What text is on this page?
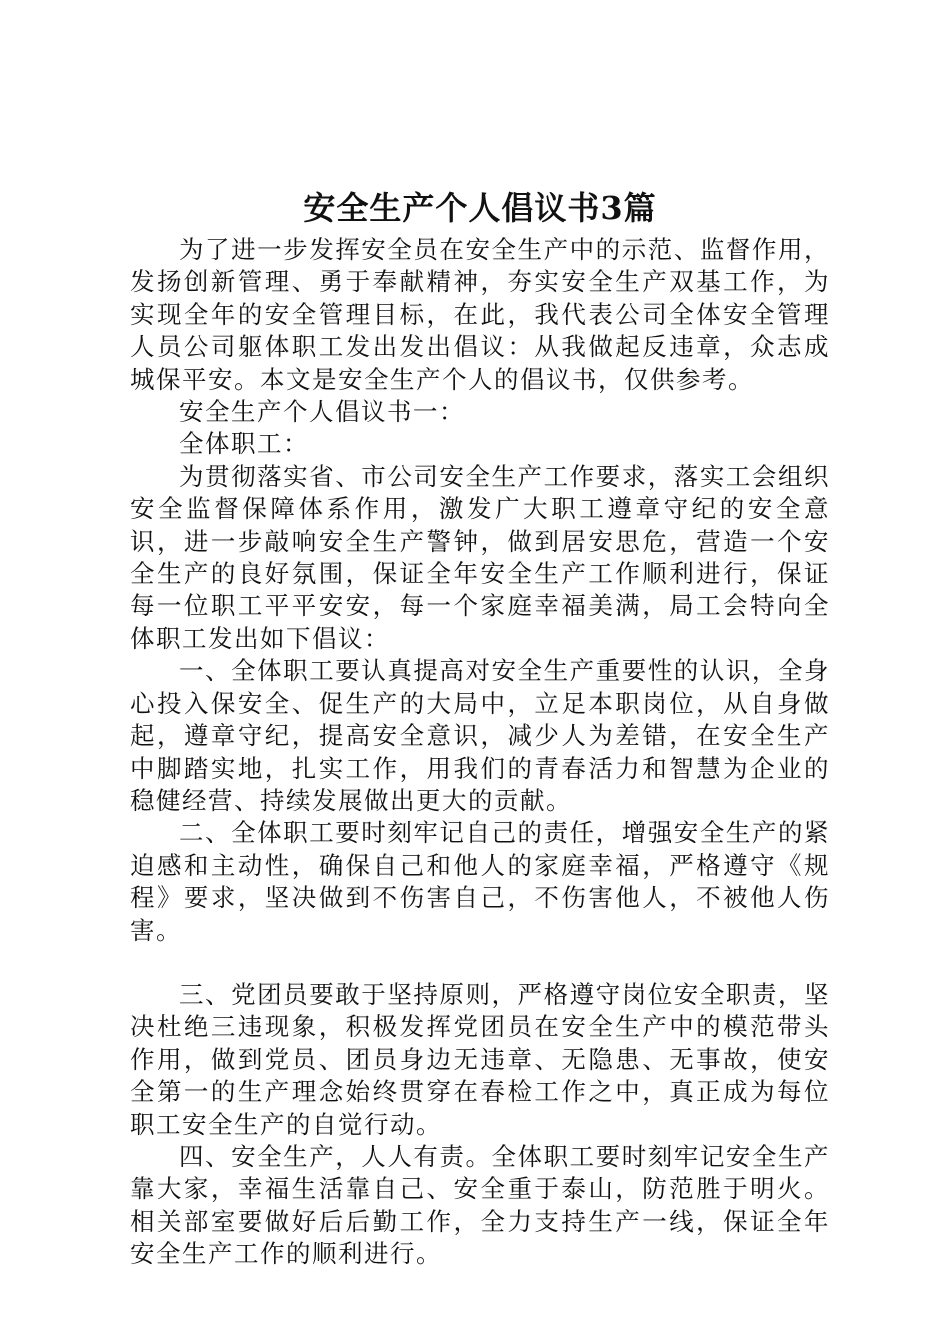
安全生产个人倡议书3篇

为了进一步发挥安全员在安全生产中的示范、监督作用，发扬创新管理、勇于奉献精神，夯实安全生产双基工作，为实现全年的安全管理目标，在此，我代表公司全体安全管理人员公司躯体职工发出发出倡议：从我做起反违章，众志成城保平安。本文是安全生产个人的倡议书，仅供参考。

安全生产个人倡议书一：

全体职工：

为贯彻落实省、市公司安全生产工作要求，落实工会组织安全监督保障体系作用，激发广大职工遵章守纪的安全意识，进一步敲响安全生产警钟，做到居安思危，营造一个安全生产的良好氛围，保证全年安全生产工作顺利进行，保证每一位职工平平安安，每一个家庭幸福美满，局工会特向全体职工发出如下倡议：

一、全体职工要认真提高对安全生产重要性的认识，全身心投入保安全、促生产的大局中，立足本职岗位，从自身做起，遵章守纪，提高安全意识，减少人为差错，在安全生产中脚踏实地，扎实工作，用我们的青春活力和智慧为企业的稳健经营、持续发展做出更大的贡献。

二、全体职工要时刻牢记自己的责任，增强安全生产的紧迫感和主动性，确保自己和他人的家庭幸福，严格遵守《规程》要求，坚决做到不伤害自己，不伤害他人，不被他人伤害。

三、党团员要敢于坚持原则，严格遵守岗位安全职责，坚决杜绝三违现象，积极发挥党团员在安全生产中的模范带头作用，做到党员、团员身边无违章、无隐患、无事故，使安全第一的生产理念始终贯穿在春检工作之中，真正成为每位职工安全生产的自觉行动。

四、安全生产，人人有责。全体职工要时刻牢记安全生产靠大家，幸福生活靠自己、安全重于泰山，防范胜于明火。相关部室要做好后后勤工作，全力支持生产一线，保证全年安全生产工作的顺利进行。
